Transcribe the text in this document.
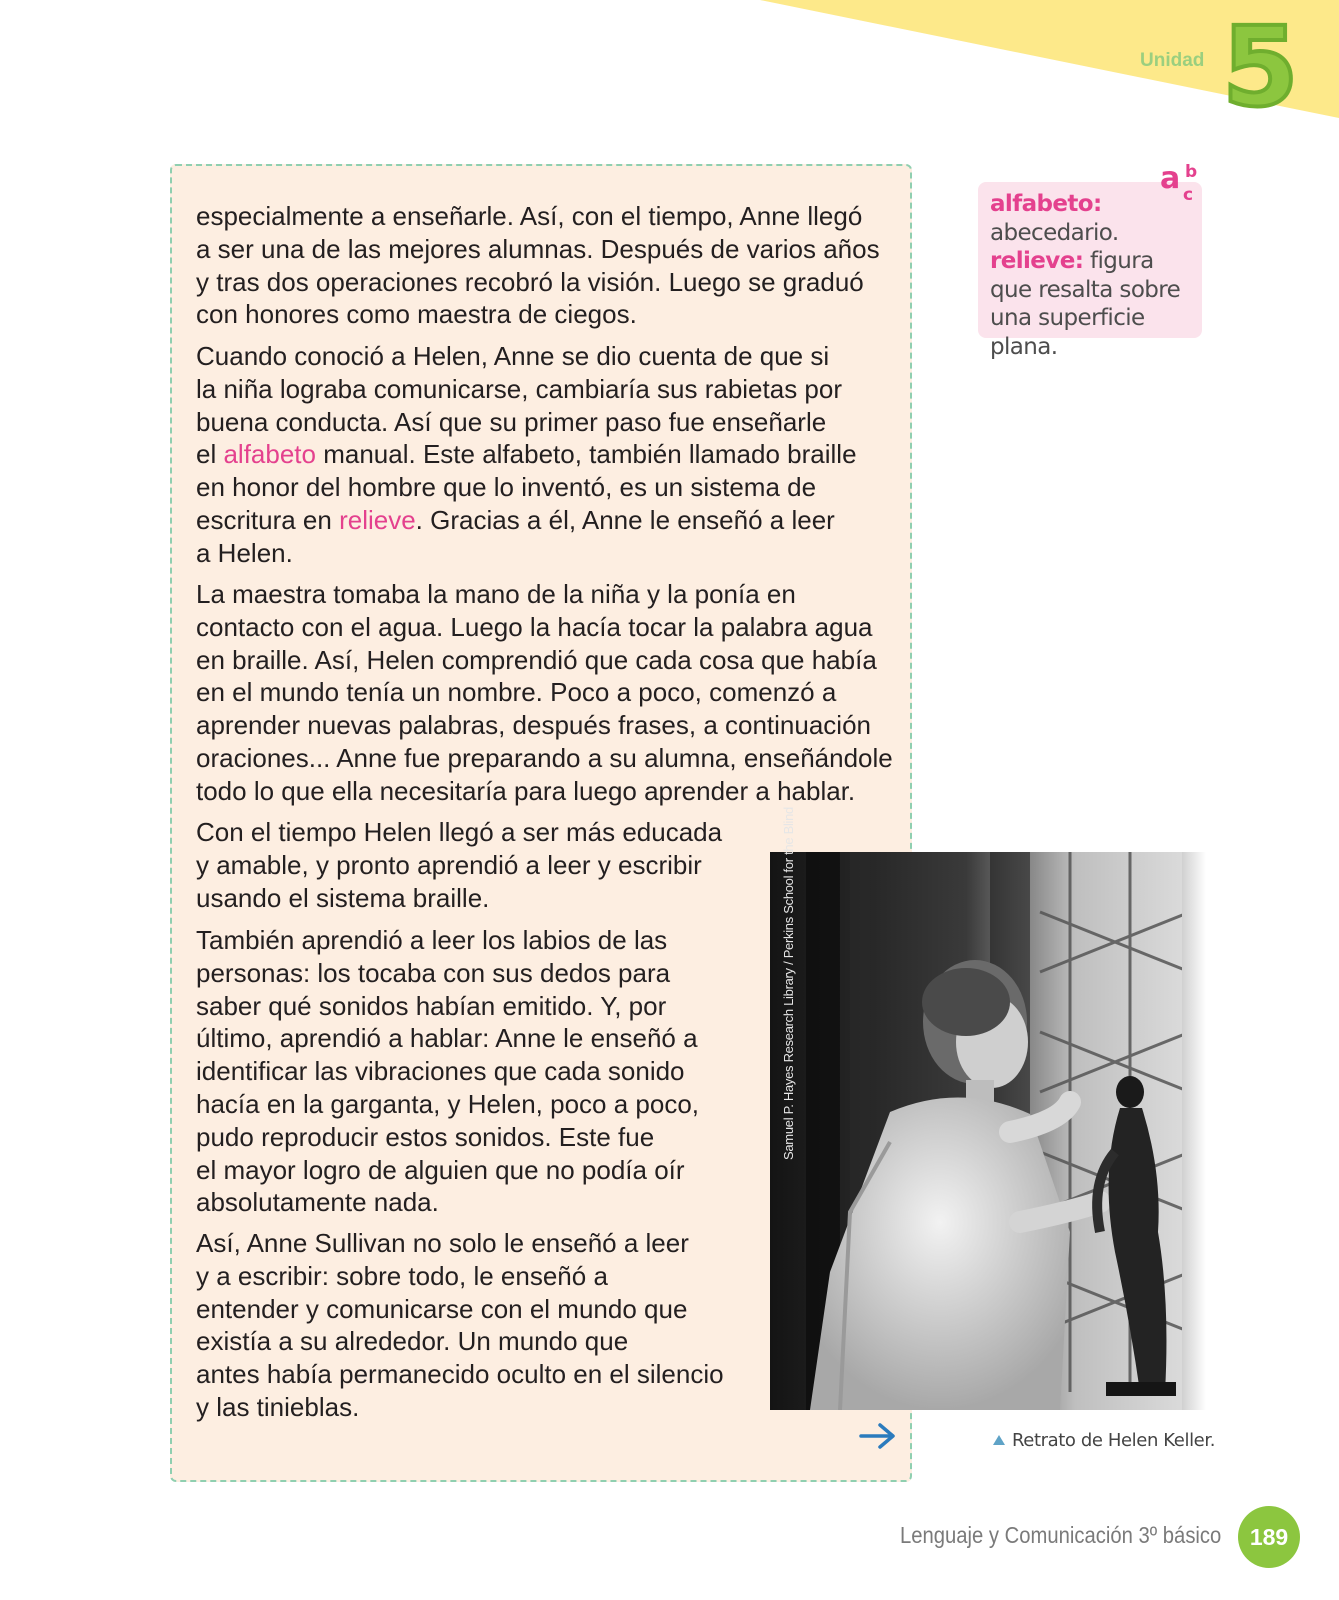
Unidad 5

especialmente a enseñarle. Así, con el tiempo, Anne llegó
a ser una de las mejores alumnas. Después de varios años
y tras dos operaciones recobró la visión. Luego se graduó
con honores como maestra de ciegos.

Cuando conoció a Helen, Anne se dio cuenta de que si
la niña lograba comunicarse, cambiaría sus rabietas por
buena conducta. Así que su primer paso fue enseñarle
el alfabeto manual. Este alfabeto, también llamado braille
en honor del hombre que lo inventó, es un sistema de
escritura en relieve. Gracias a él, Anne le enseñó a leer
a Helen.

La maestra tomaba la mano de la niña y la ponía en
contacto con el agua. Luego la hacía tocar la palabra agua
en braille. Así, Helen comprendió que cada cosa que había
en el mundo tenía un nombre. Poco a poco, comenzó a
aprender nuevas palabras, después frases, a continuación
oraciones... Anne fue preparando a su alumna, enseñándole
todo lo que ella necesitaría para luego aprender a hablar.

Con el tiempo Helen llegó a ser más educada
y amable, y pronto aprendió a leer y escribir
usando el sistema braille.

También aprendió a leer los labios de las
personas: los tocaba con sus dedos para
saber qué sonidos habían emitido. Y, por
último, aprendió a hablar: Anne le enseñó a
identificar las vibraciones que cada sonido
hacía en la garganta, y Helen, poco a poco,
pudo reproducir estos sonidos. Este fue
el mayor logro de alguien que no podía oír
absolutamente nada.

Así, Anne Sullivan no solo le enseñó a leer
y a escribir: sobre todo, le enseñó a
entender y comunicarse con el mundo que
existía a su alrededor. Un mundo que
antes había permanecido oculto en el silencio
y las tinieblas.

alfabeto:
abecedario.
relieve: figura que resalta sobre una superficie plana.
a b
c
Samuel P. Hayes Research Library / Perkins School for the Blind
Retrato de Helen Keller.
Lenguaje y Comunicación 3º básico	189
